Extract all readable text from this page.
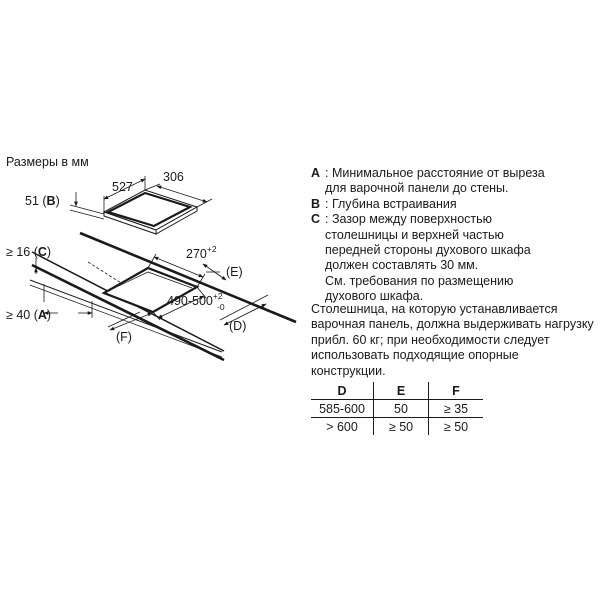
Размеры в мм
527
306
51 (B)
$270^{+2}$
$490-500^{+2}$ -0
(E)
(D)
(F)
≥ 16 (C)
≥ 40 (A)
A : Минимальное расстояние от выреза
для варочной панели до стены.
B : Глубина встраивания
C : Зазор между поверхностью
столешницы и верхней частью
передней стороны духового шкафа
должен составлять 30 мм.
См. требования по размещению
духового шкафа.
Столешница, на которую устанавливается варочная панель, должна выдерживать нагрузку прибл. 60 кг; при необходимости следует использовать подходящие опорные конструкции.
D	E	F
585-600	50	≥ 35
> 600	≥ 50	≥ 50
